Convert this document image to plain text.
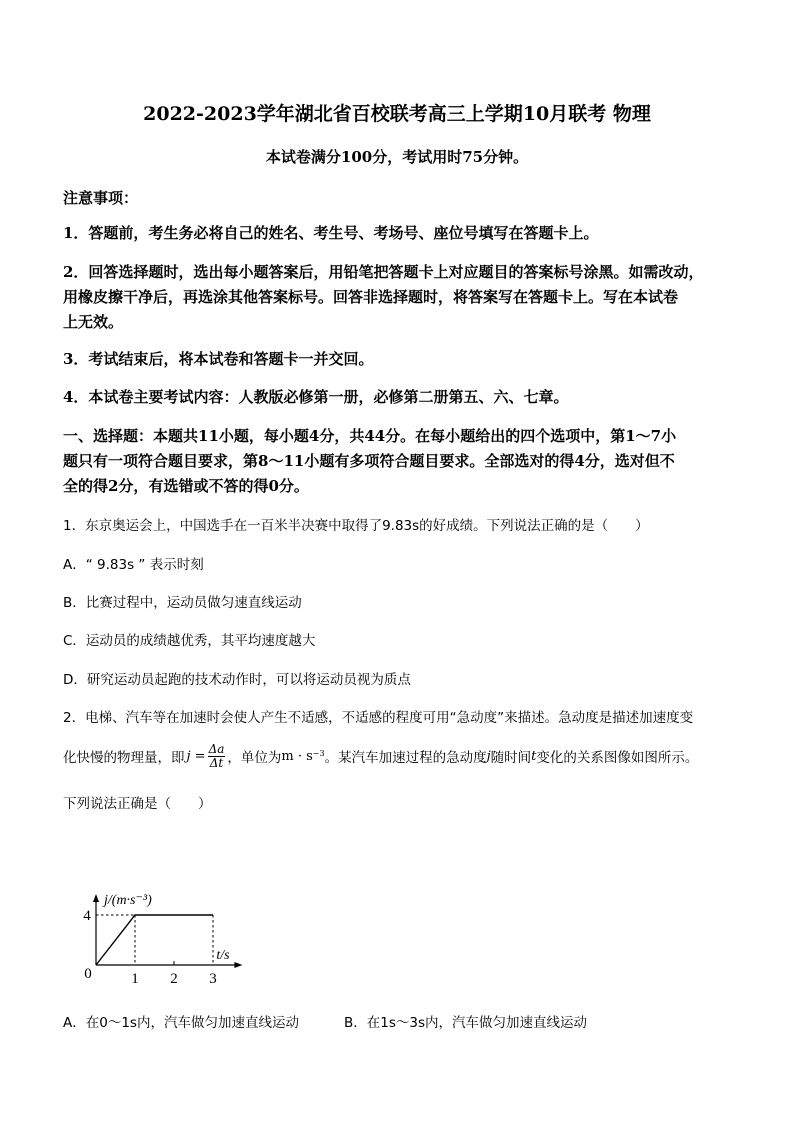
2022-2023学年湖北省百校联考高三上学期10月联考 物理
本试卷满分100分，考试用时75分钟。
注意事项：
1．答题前，考生务必将自己的姓名、考生号、考场号、座位号填写在答题卡上。
2．回答选择题时，选出每小题答案后，用铅笔把答题卡上对应题目的答案标号涂黑。如需改动，
用橡皮擦干净后，再选涂其他答案标号。回答非选择题时，将答案写在答题卡上。写在本试卷
上无效。
3．考试结束后，将本试卷和答题卡一并交回。
4．本试卷主要考试内容：人教版必修第一册，必修第二册第五、六、七章。
一、选择题：本题共11小题，每小题4分，共44分。在每小题给出的四个选项中，第1～7小
题只有一项符合题目要求，第8～11小题有多项符合题目要求。全部选对的得4分，选对但不
全的得2分，有选错或不答的得0分。
1．东京奥运会上，中国选手在一百米半决赛中取得了9.83s的好成绩。下列说法正确的是（　　）
A．“ 9.83s ” 表示时刻
B．比赛过程中，运动员做匀速直线运动
C．运动员的成绩越优秀，其平均速度越大
D．研究运动员起跑的技术动作时，可以将运动员视为质点
2．电梯、汽车等在加速时会使人产生不适感，不适感的程度可用“急动度”来描述。急动度是描述加速度变
化快慢的物理量，即 $j = \frac{\Delta a}{\Delta t}$ ，单位为 $m \cdot s^{-3}$ 。某汽车加速过程的急动度 j 随时间 t 变化的关系图像如图所示。
下列说法正确是（　　）
0	1 2 3
4
j/(m·s⁻³)
t/s
A．在0～1s内，汽车做匀加速直线运动	B．在1s～3s内，汽车做匀加速直线运动
